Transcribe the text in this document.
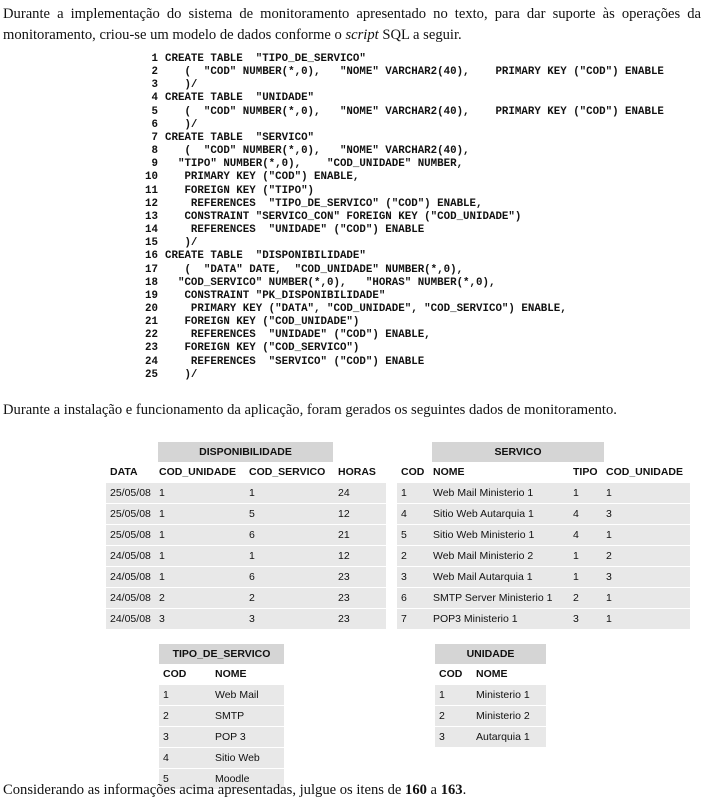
Durante a implementação do sistema de monitoramento apresentado no texto, para dar suporte às operações da monitoramento, criou-se um modelo de dados conforme o script SQL a seguir.
1 CREATE TABLE  "TIPO_DE_SERVICO"
2   (  "COD" NUMBER(*,0),   "NOME" VARCHAR2(40),    PRIMARY KEY ("COD") ENABLE
3   )/
4 CREATE TABLE  "UNIDADE"
5   (  "COD" NUMBER(*,0),   "NOME" VARCHAR2(40),    PRIMARY KEY ("COD") ENABLE
6   )/
7 CREATE TABLE  "SERVICO"
8   (  "COD" NUMBER(*,0),   "NOME" VARCHAR2(40),
9  "TIPO" NUMBER(*,0),    "COD_UNIDADE" NUMBER,
10   PRIMARY KEY ("COD") ENABLE,
11   FOREIGN KEY ("TIPO")
12    REFERENCES  "TIPO_DE_SERVICO" ("COD") ENABLE,
13   CONSTRAINT "SERVICO_CON" FOREIGN KEY ("COD_UNIDADE")
14    REFERENCES  "UNIDADE" ("COD") ENABLE
15   )/
16 CREATE TABLE  "DISPONIBILIDADE"
17   (  "DATA" DATE,  "COD_UNIDADE" NUMBER(*,0),
18  "COD_SERVICO" NUMBER(*,0),   "HORAS" NUMBER(*,0),
19   CONSTRAINT "PK_DISPONIBILIDADE"
20    PRIMARY KEY ("DATA", "COD_UNIDADE", "COD_SERVICO") ENABLE,
21   FOREIGN KEY ("COD_UNIDADE")
22    REFERENCES  "UNIDADE" ("COD") ENABLE,
23   FOREIGN KEY ("COD_SERVICO")
24    REFERENCES  "SERVICO" ("COD") ENABLE
25   )/
Durante a instalação e funcionamento da aplicação, foram gerados os seguintes dados de monitoramento.
DISPONIBILIDADE
DATA	COD_UNIDADE	COD_SERVICO	HORAS
25/05/08	1	1	24
25/05/08	1	5	12
25/05/08	1	6	21
24/05/08	1	1	12
24/05/08	1	6	23
24/05/08	2	2	23
24/05/08	3	3	23
SERVICO
COD	NOME	TIPO	COD_UNIDADE
1	Web Mail Ministerio 1	1	1
4	Sitio Web Autarquia 1	4	3
5	Sitio Web Ministerio 1	4	1
2	Web Mail Ministerio 2	1	2
3	Web Mail Autarquia 1	1	3
6	SMTP Server Ministerio 1	2	1
7	POP3 Ministerio 1	3	1
TIPO_DE_SERVICO
COD	NOME
1	Web Mail
2	SMTP
3	POP 3
4	Sitio Web
5	Moodle
UNIDADE
COD	NOME
1	Ministerio 1
2	Ministerio 2
3	Autarquia 1
Considerando as informações acima apresentadas, julgue os itens de 160 a 163.
